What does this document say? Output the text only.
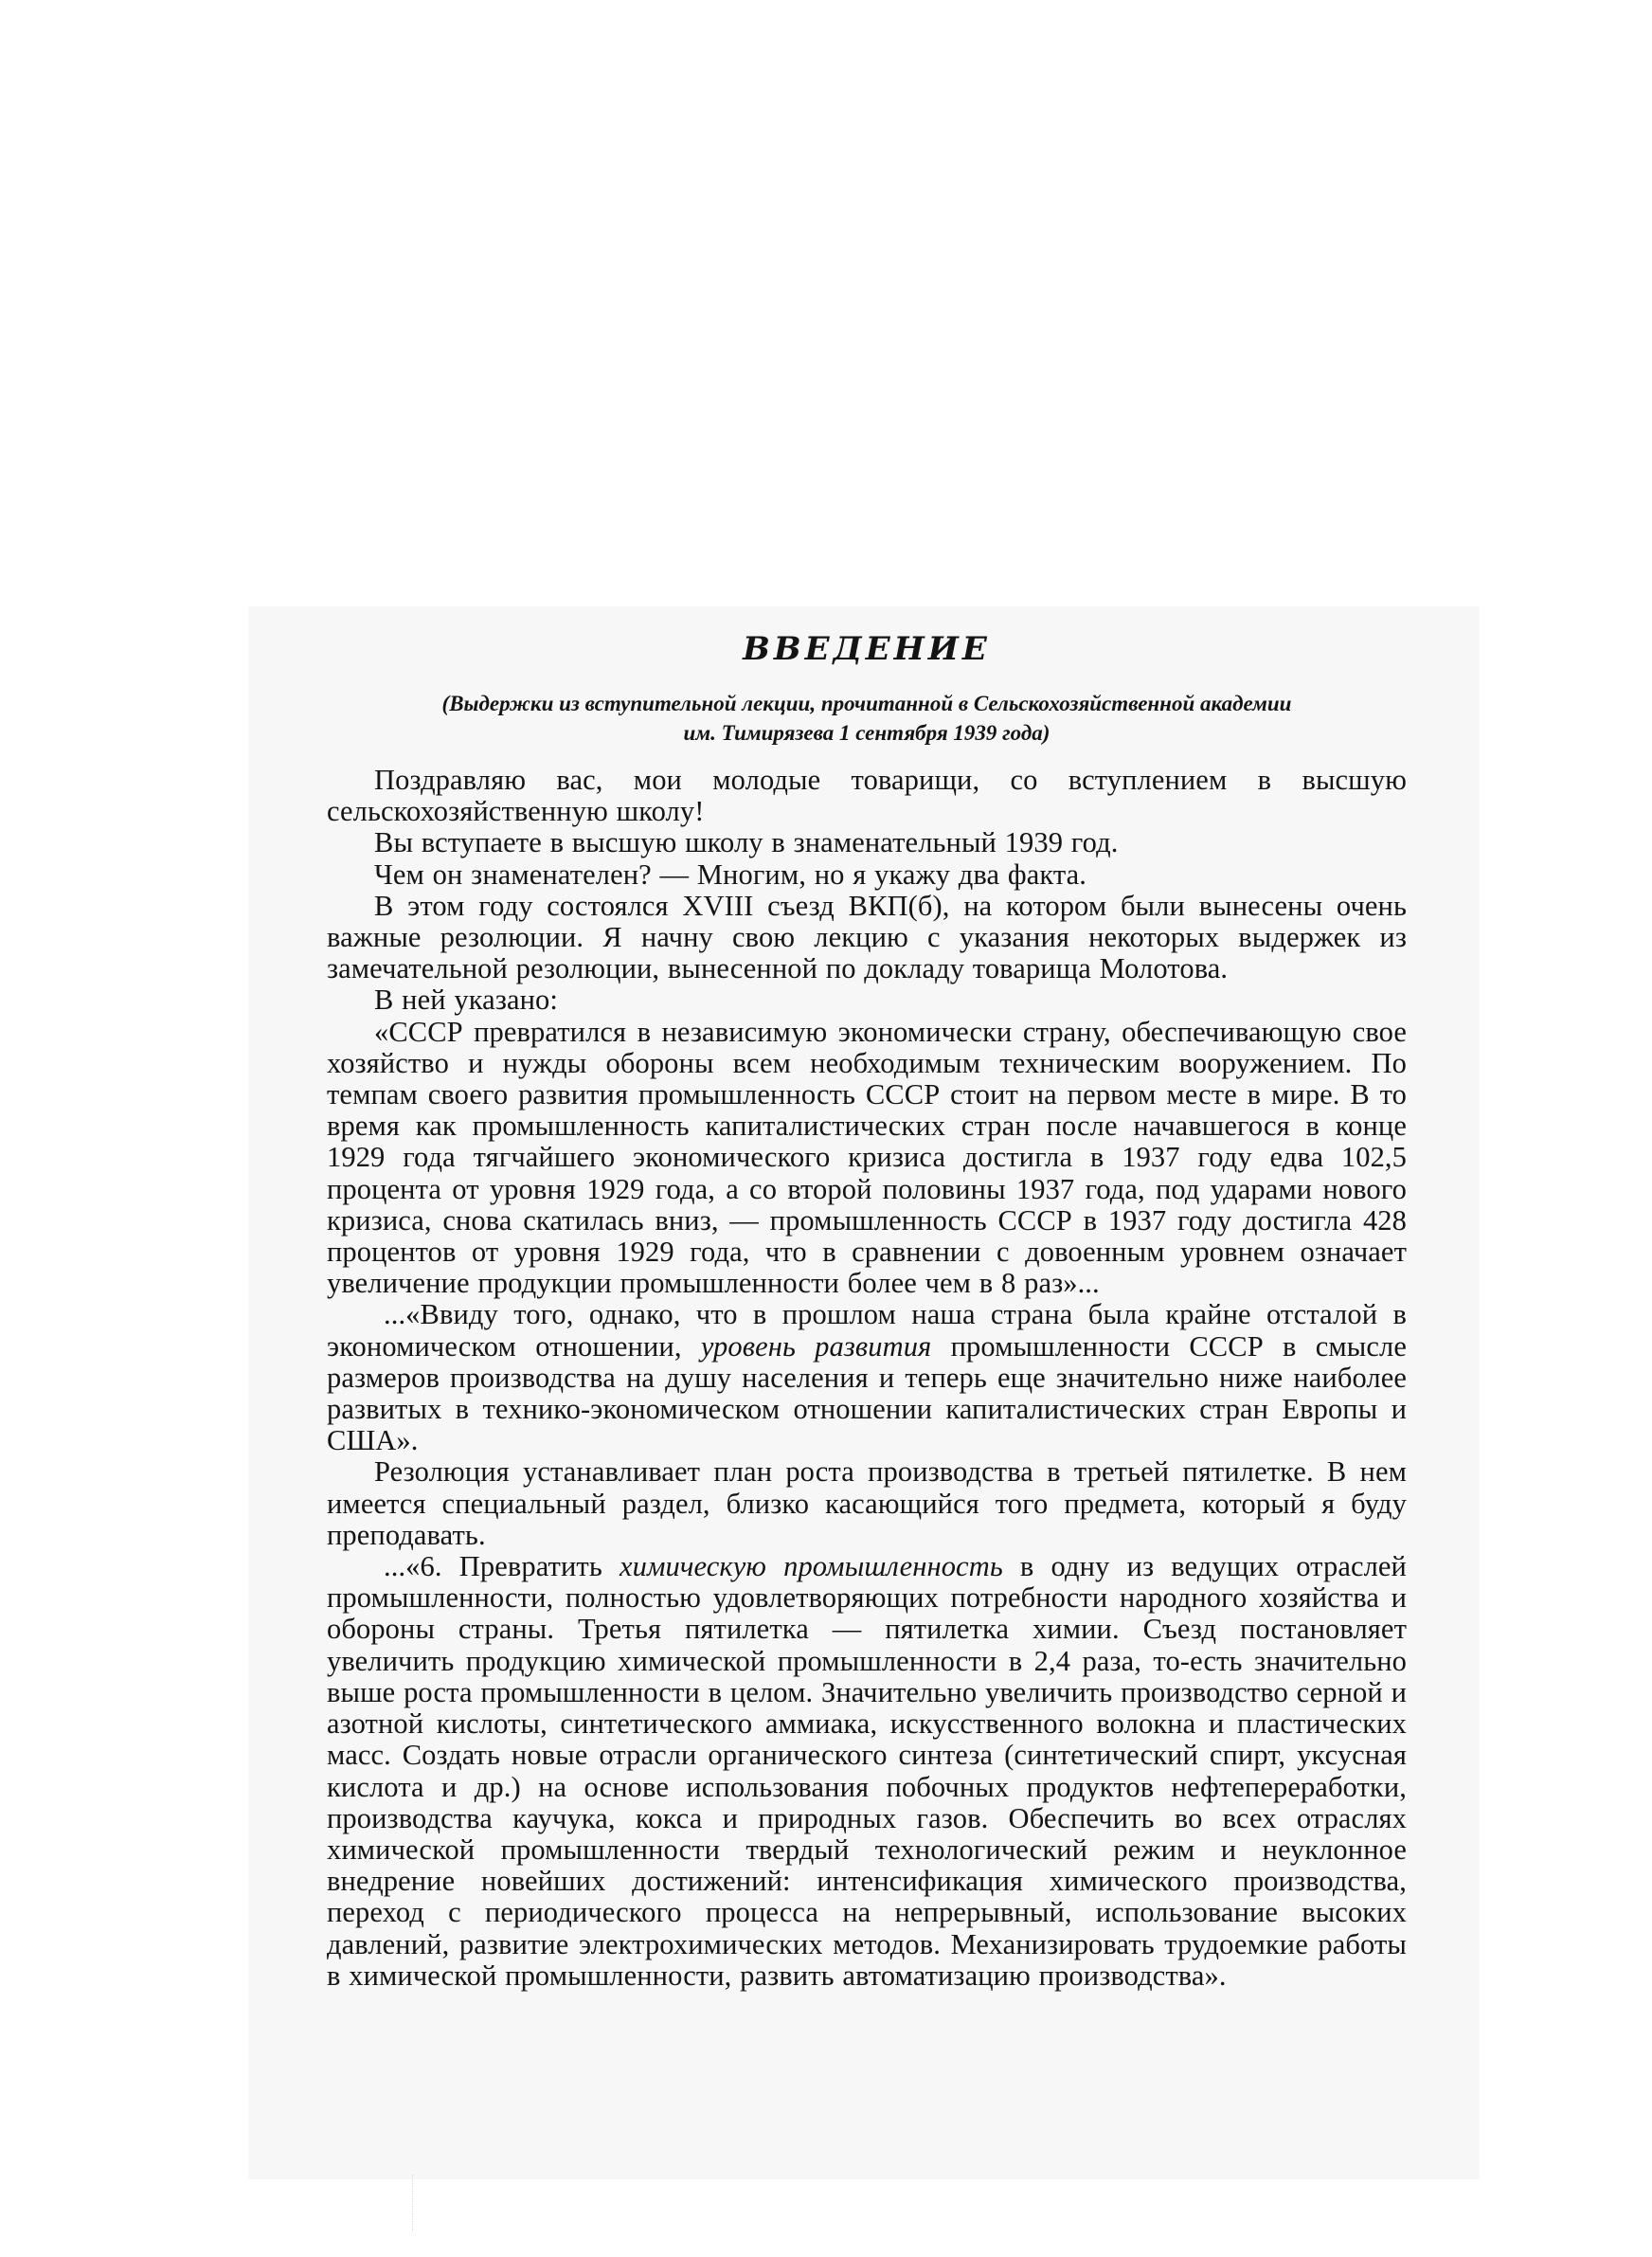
ВВЕДЕНИЕ
(Выдержки из вступительной лекции, прочитанной в Сельскохозяйственной академии
им. Тимирязева 1 сентября 1939 года)

Поздравляю вас, мои молодые товарищи, со вступлением в высшую сельскохозяйственную школу!

Вы вступаете в высшую школу в знаменательный 1939 год.

Чем он знаменателен? — Многим, но я укажу два факта.

В этом году состоялся XVIII съезд ВКП(б), на котором были вынесены очень важные резолюции. Я начну свою лекцию с указания некоторых выдержек из замечательной резолюции, вынесенной по докладу товарища Молотова.

В ней указано:

«СССР превратился в независимую экономически страну, обеспечивающую свое хозяйство и нужды обороны всем необходимым техническим вооружением. По темпам своего развития промышленность СССР стоит на первом месте в мире. В то время как промышленность капиталистических стран после начавшегося в конце 1929 года тягчайшего экономического кризиса достигла в 1937 году едва 102,5 процента от уровня 1929 года, а со второй половины 1937 года, под ударами нового кризиса, снова скатилась вниз, — промышленность СССР в 1937 году достигла 428 процентов от уровня 1929 года, что в сравнении с довоенным уровнем означает увеличение продукции промышленности более чем в 8 раз»...

...«Ввиду того, однако, что в прошлом наша страна была крайне отсталой в экономическом отношении, уровень развития промышленности СССР в смысле размеров производства на душу населения и теперь еще значительно ниже наиболее развитых в технико-экономическом отношении капиталистических стран Европы и США».

Резолюция устанавливает план роста производства в третьей пятилетке. В нем имеется специальный раздел, близко касающийся того предмета, который я буду преподавать.

...«6. Превратить химическую промышленность в одну из ведущих отраслей промышленности, полностью удовлетворяющих потребности народного хозяйства и обороны страны. Третья пятилетка — пятилетка химии. Съезд постановляет увеличить продукцию химической промышленности в 2,4 раза, то-есть значительно выше роста промышленности в целом. Значительно увеличить производство серной и азотной кислоты, синтетического аммиака, искусственного волокна и пластических масс. Создать новые отрасли органического синтеза (синтетический спирт, уксусная кислота и др.) на основе использования побочных продуктов нефтепереработки, производства каучука, кокса и природных газов. Обеспечить во всех отраслях химической промышленности твердый технологический режим и неуклонное внедрение новейших достижений: интенсификация химического производства, переход с периодического процесса на непрерывный, использование высоких давлений, развитие электрохимических методов. Механизировать трудоемкие работы в химической промышленности, развить автоматизацию производства».
